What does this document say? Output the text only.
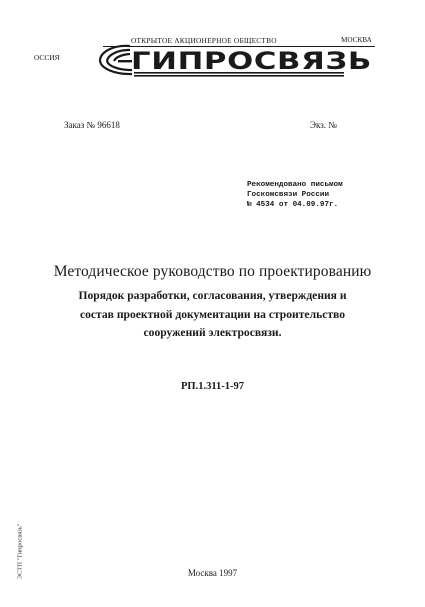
ОТКРЫТОЕ АКЦИОНЕРНОЕ ОБЩЕСТВО	МОСКВА
ОССИЯ	ГИПРОСВЯЗЬ
Заказ № 96618	Экз. №
Рекомендовано письмом
Госкомсвязи России
№ 4534 от 04.09.97г.
Методическое руководство по проектированию
Порядок разработки, согласования, утверждения и
состав проектной документации на строительство
сооружений электросвязи.
РП.1.311-1-97
Москва 1997
ЭСТП "Гипросвязь"
